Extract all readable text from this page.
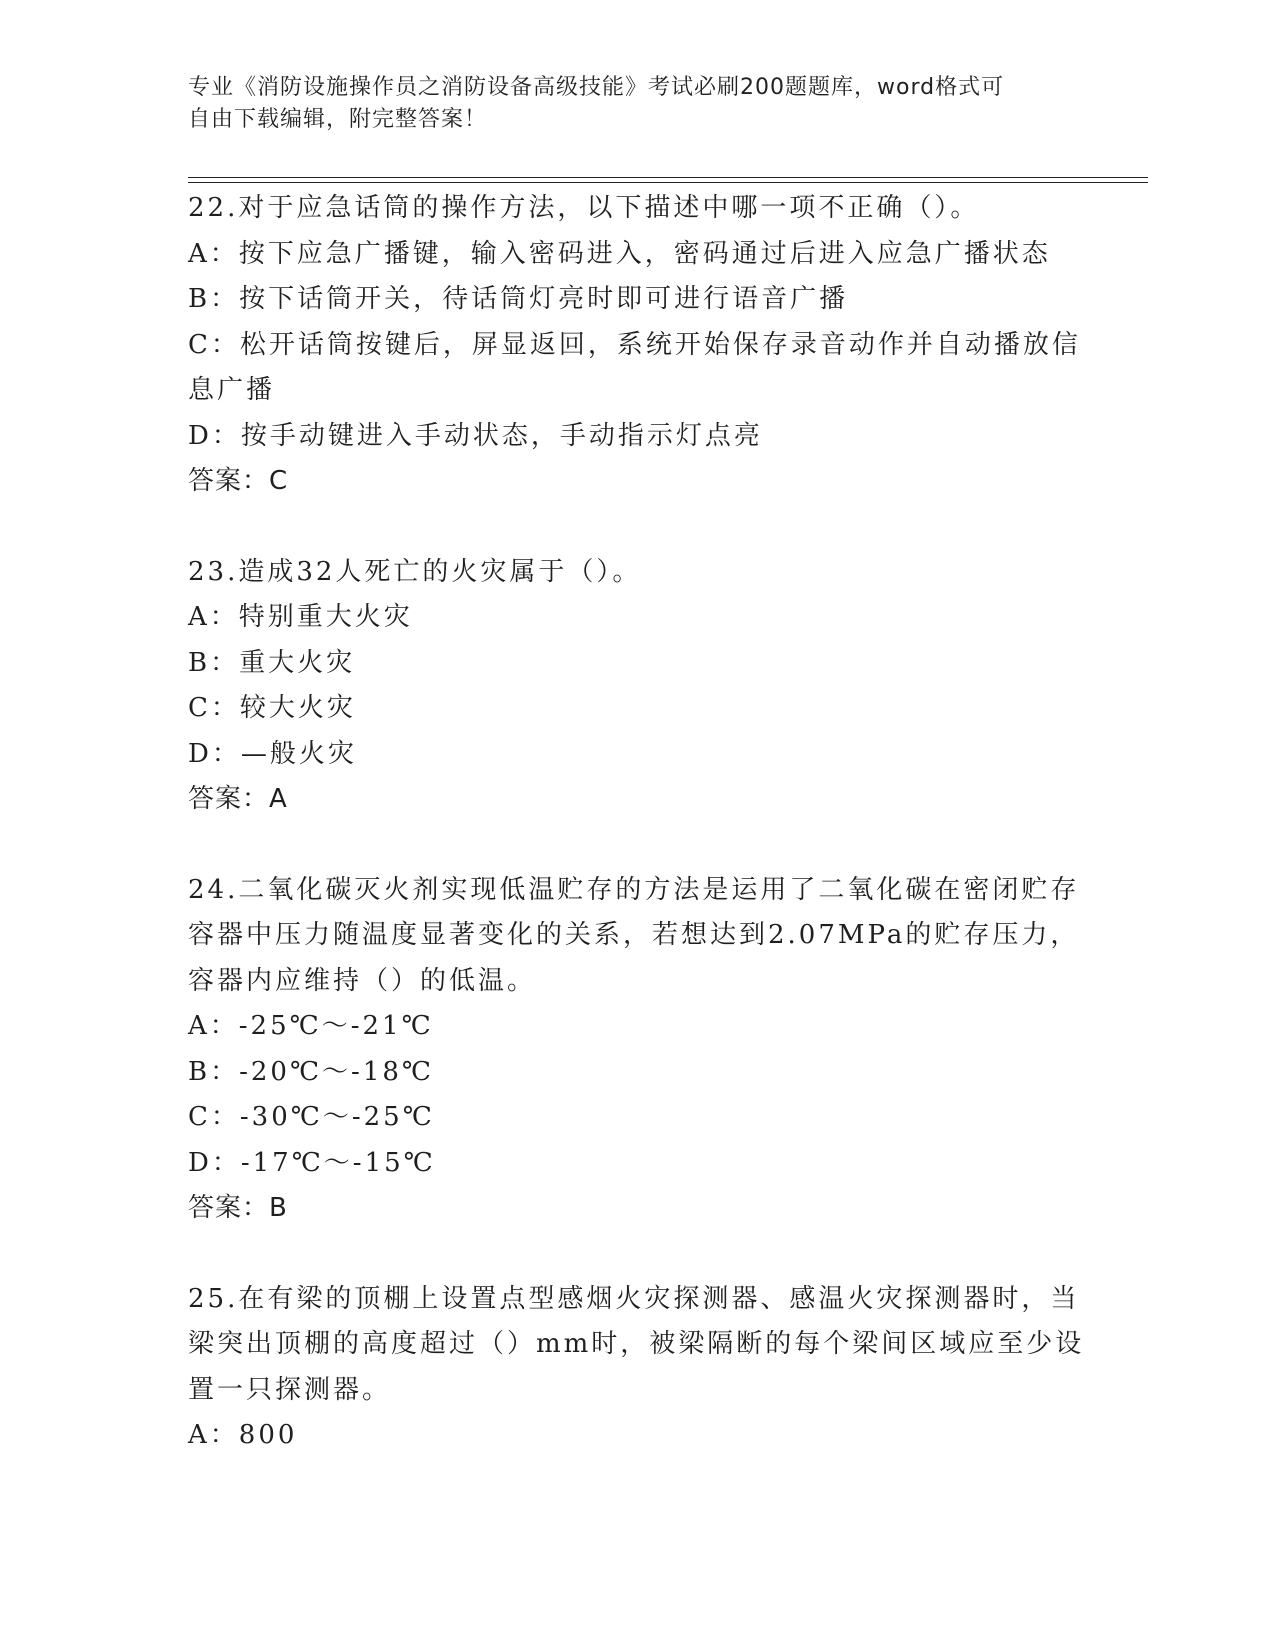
专业《消防设施操作员之消防设备高级技能》考试必刷200题题库，word格式可
自由下载编辑，附完整答案！
22.对于应急话筒的操作方法，以下描述中哪一项不正确（）。
A：按下应急广播键，输入密码进入，密码通过后进入应急广播状态
B：按下话筒开关，待话筒灯亮时即可进行语音广播
C：松开话筒按键后，屏显返回，系统开始保存录音动作并自动播放信
息广播
D：按手动键进入手动状态，手动指示灯点亮
答案：C
23.造成32人死亡的火灾属于（）。
A：特别重大火灾
B：重大火灾
C：较大火灾
D：—般火灾
答案：A
24.二氧化碳灭火剂实现低温贮存的方法是运用了二氧化碳在密闭贮存
容器中压力随温度显著变化的关系，若想达到2.07MPa的贮存压力，
容器内应维持（）的低温。
A：-25℃～-21℃
B：-20℃～-18℃
C：-30℃～-25℃
D：-17℃～-15℃
答案：B
25.在有梁的顶棚上设置点型感烟火灾探测器、感温火灾探测器时，当
梁突出顶棚的高度超过（）mm时，被梁隔断的每个梁间区域应至少设
置一只探测器。
A：800
